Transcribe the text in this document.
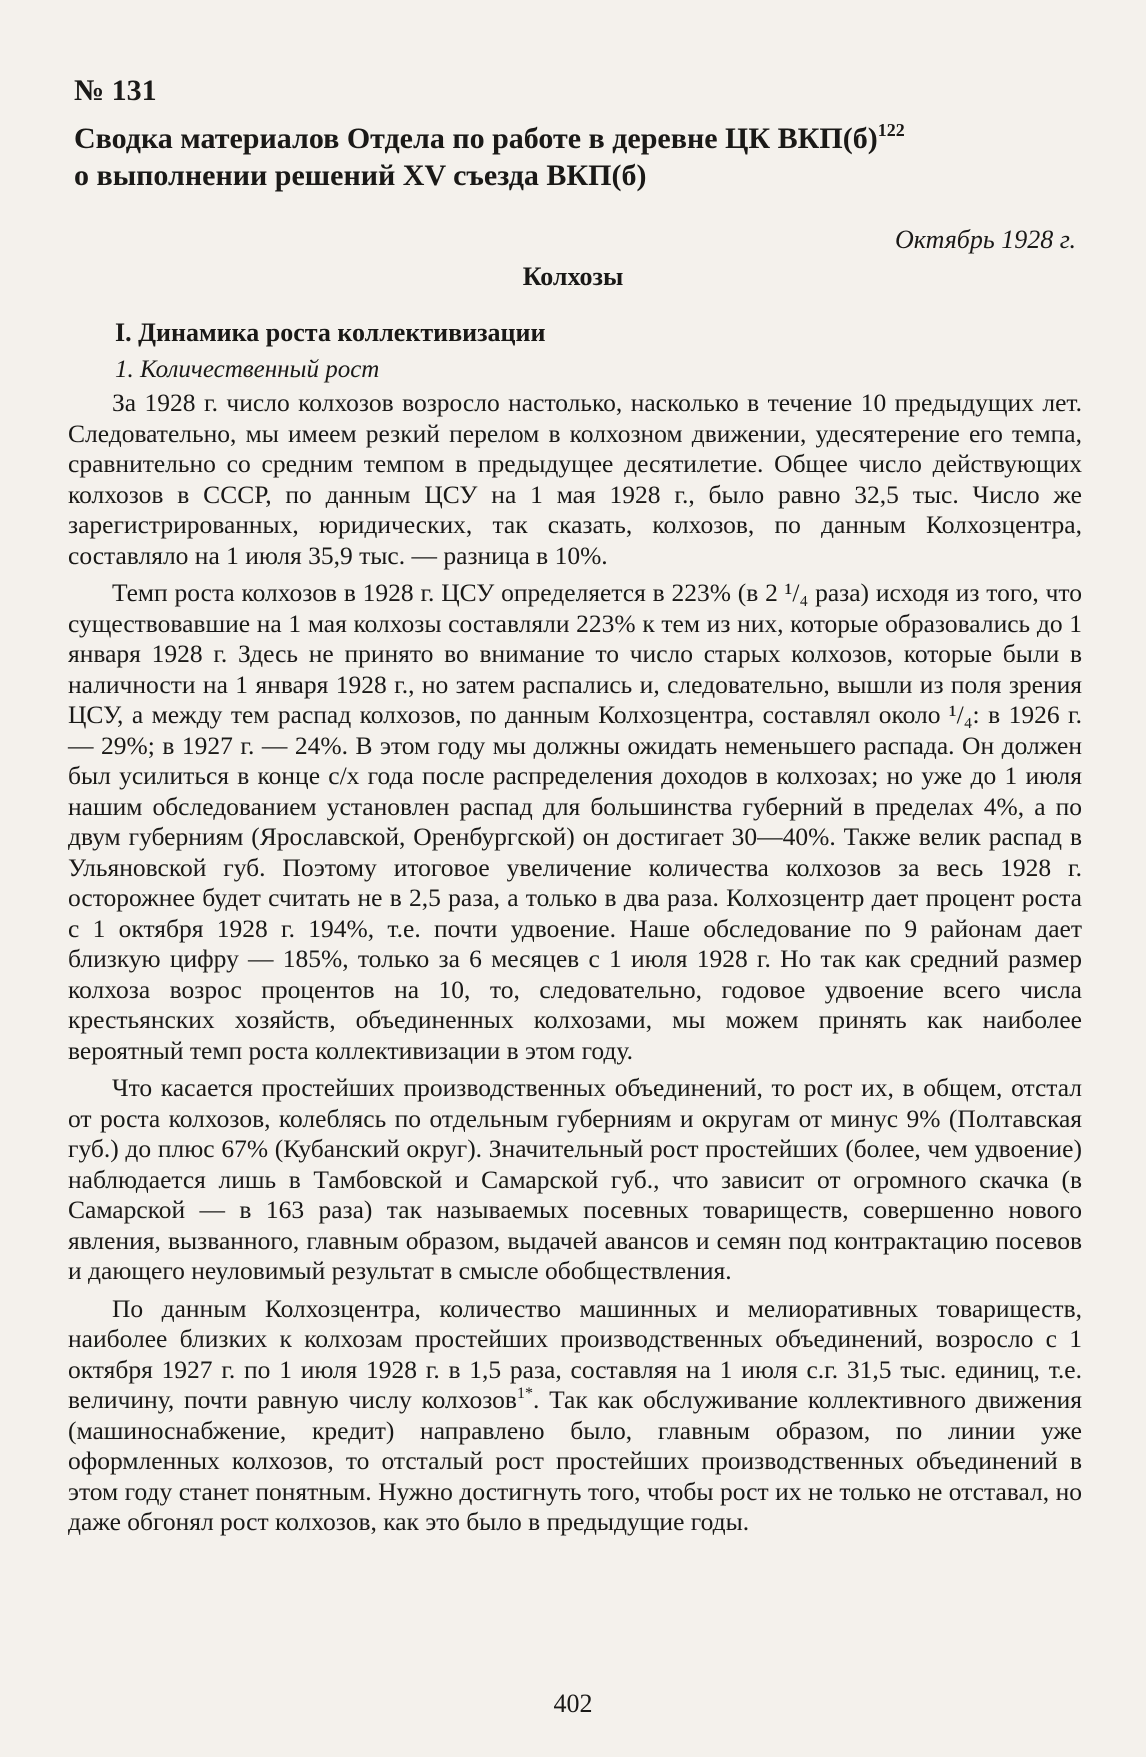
№ 131
Сводка материалов Отдела по работе в деревне ЦК $ВКП(б)^{122}$
о выполнении решений XV съезда ВКП(б)
Октябрь 1928 г.
Колхозы
I. Динамика роста коллективизации
1. Количественный рост

За 1928 г. число колхозов возросло настолько, насколько в течение 10 предыдущих лет. Следовательно, мы имеем резкий перелом в колхозном движении, удесятерение его темпа, сравнительно со средним темпом в предыдущее десятилетие. Общее число действующих колхозов в СССР, по данным ЦСУ на 1 мая 1928 г., было равно 32,5 тыс. Число же зарегистрированных, юридических, так сказать, колхозов, по данным Колхозцентра, составляло на 1 июля 35,9 тыс. — разница в 10%.

Темп роста колхозов в 1928 г. ЦСУ определяется в 223% (в 2 ¹/₄ раза) исходя из того, что существовавшие на 1 мая колхозы составляли 223% к тем из них, которые образовались до 1 января 1928 г. Здесь не принято во внимание то число старых колхозов, которые были в наличности на 1 января 1928 г., но затем распались и, следовательно, вышли из поля зрения ЦСУ, а между тем распад колхозов, по данным Колхозцентра, составлял около ¹/₄: в 1926 г. — 29%; в 1927 г. — 24%. В этом году мы должны ожидать неменьшего распада. Он должен был усилиться в конце с/х года после распределения доходов в колхозах; но уже до 1 июля нашим обследованием установлен распад для большинства губерний в пределах 4%, а по двум губерниям (Ярославской, Оренбургской) он достигает 30—40%. Также велик распад в Ульяновской губ. Поэтому итоговое увеличение количества колхозов за весь 1928 г. осторожнее будет считать не в 2,5 раза, а только в два раза. Колхозцентр дает процент роста с 1 октября 1928 г. 194%, т.е. почти удвоение. Наше обследование по 9 районам дает близкую цифру — 185%, только за 6 месяцев с 1 июля 1928 г. Но так как средний размер колхоза возрос процентов на 10, то, следовательно, годовое удвоение всего числа крестьянских хозяйств, объединенных колхозами, мы можем принять как наиболее вероятный темп роста коллективизации в этом году.

Что касается простейших производственных объединений, то рост их, в общем, отстал от роста колхозов, колеблясь по отдельным губерниям и округам от минус 9% (Полтавская губ.) до плюс 67% (Кубанский округ). Значительный рост простейших (более, чем удвоение) наблюдается лишь в Тамбовской и Самарской губ., что зависит от огромного скачка (в Самарской — в 163 раза) так называемых посевных товариществ, совершенно нового явления, вызванного, главным образом, выдачей авансов и семян под контрактацию посевов и дающего неуловимый результат в смысле обобществления.

По данным Колхозцентра, количество машинных и мелиоративных товариществ, наиболее близких к колхозам простейших производственных объединений, возросло с 1 октября 1927 г. по 1 июля 1928 г. в 1,5 раза, составляя на 1 июля с.г. 31,5 тыс. единиц, т.е. величину, почти равную числу колхозов$^{1*}$. Так как обслуживание коллективного движения (машиноснабжение, кредит) направлено было, главным образом, по линии уже оформленных колхозов, то отсталый рост простейших производственных объединений в этом году станет понятным. Нужно достигнуть того, чтобы рост их не только не отставал, но даже обгонял рост колхозов, как это было в предыдущие годы.

402
